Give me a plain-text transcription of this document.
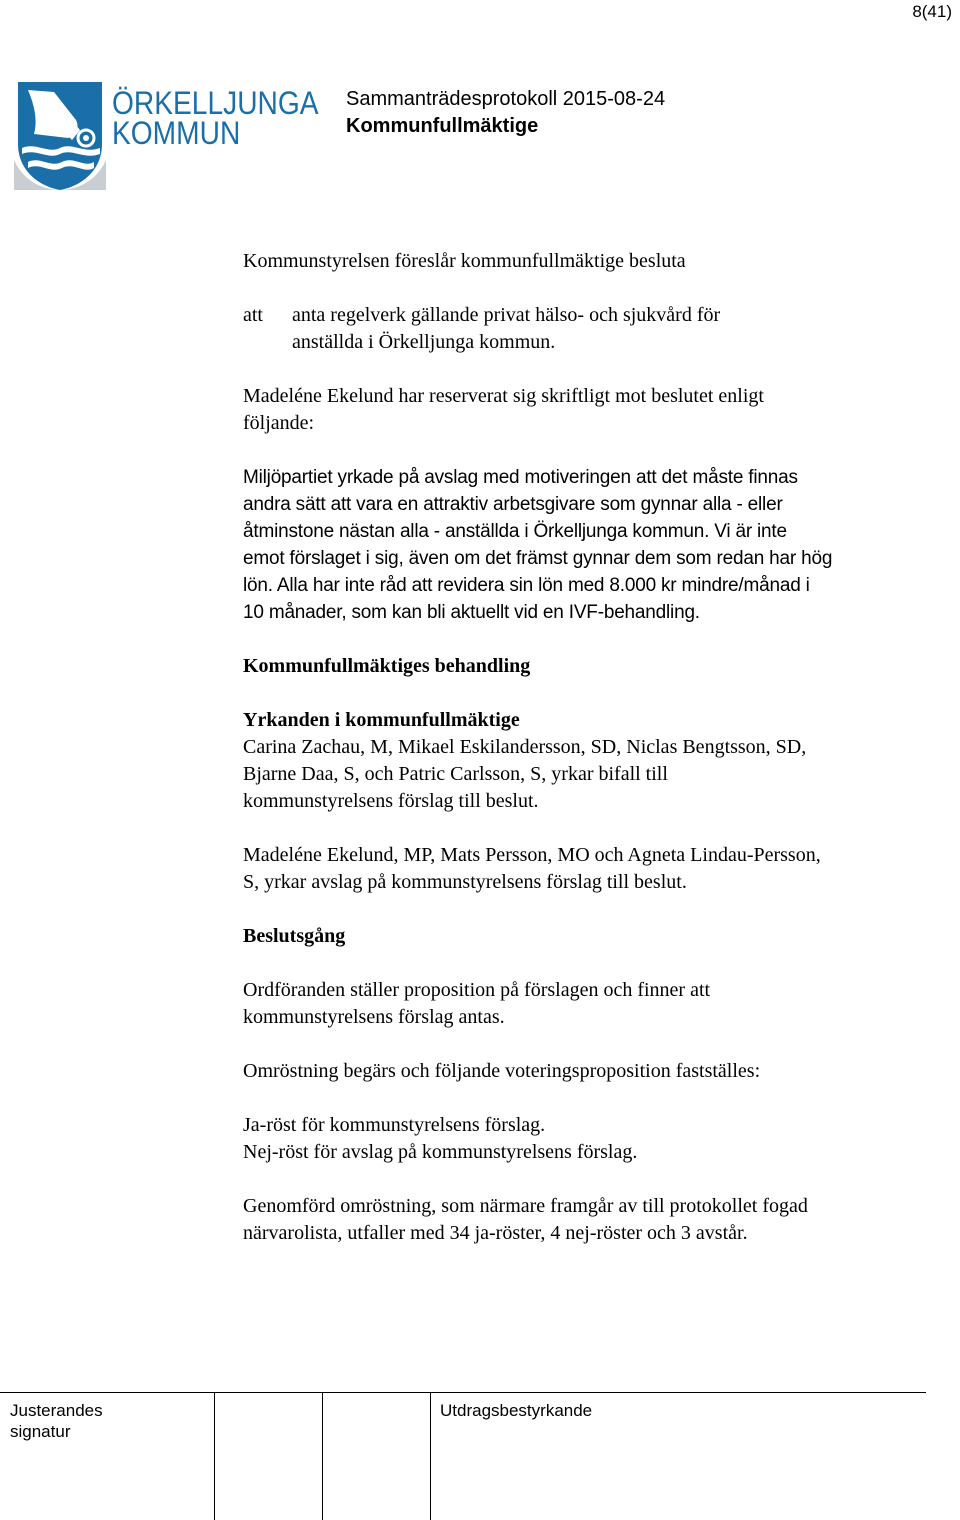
8(41)
ÖRKELLJUNGA
KOMMUN
Sammanträdesprotokoll 2015-08-24
Kommunfullmäktige

Kommunstyrelsen föreslår kommunfullmäktige besluta

att	anta regelverk gällande privat hälso- och sjukvård för
anställda i Örkelljunga kommun.
Madeléne Ekelund har reserverat sig skriftligt mot beslutet enligt
följande:
Miljöpartiet yrkade på avslag med motiveringen att det måste finnas
andra sätt att vara en attraktiv arbetsgivare som gynnar alla - eller
åtminstone nästan alla - anställda i Örkelljunga kommun. Vi är inte
emot förslaget i sig, även om det främst gynnar dem som redan har hög
lön. Alla har inte råd att revidera sin lön med 8.000 kr mindre/månad i
10 månader, som kan bli aktuellt vid en IVF-behandling.

Kommunfullmäktiges behandling

Yrkanden i kommunfullmäktige

Carina Zachau, M, Mikael Eskilandersson, SD, Niclas Bengtsson, SD,
Bjarne Daa, S, och Patric Carlsson, S, yrkar bifall till
kommunstyrelsens förslag till beslut.
Madeléne Ekelund, MP, Mats Persson, MO och Agneta Lindau-Persson,
S, yrkar avslag på kommunstyrelsens förslag till beslut.

Beslutsgång

Ordföranden ställer proposition på förslagen och finner att
kommunstyrelsens förslag antas.

Omröstning begärs och följande voteringsproposition fastställes:

Ja-röst för kommunstyrelsens förslag.
Nej-röst för avslag på kommunstyrelsens förslag.
Genomförd omröstning, som närmare framgår av till protokollet fogad
närvarolista, utfaller med 34 ja-röster, 4 nej-röster och 3 avstår.
Justerandes
signatur
Utdragsbestyrkande
